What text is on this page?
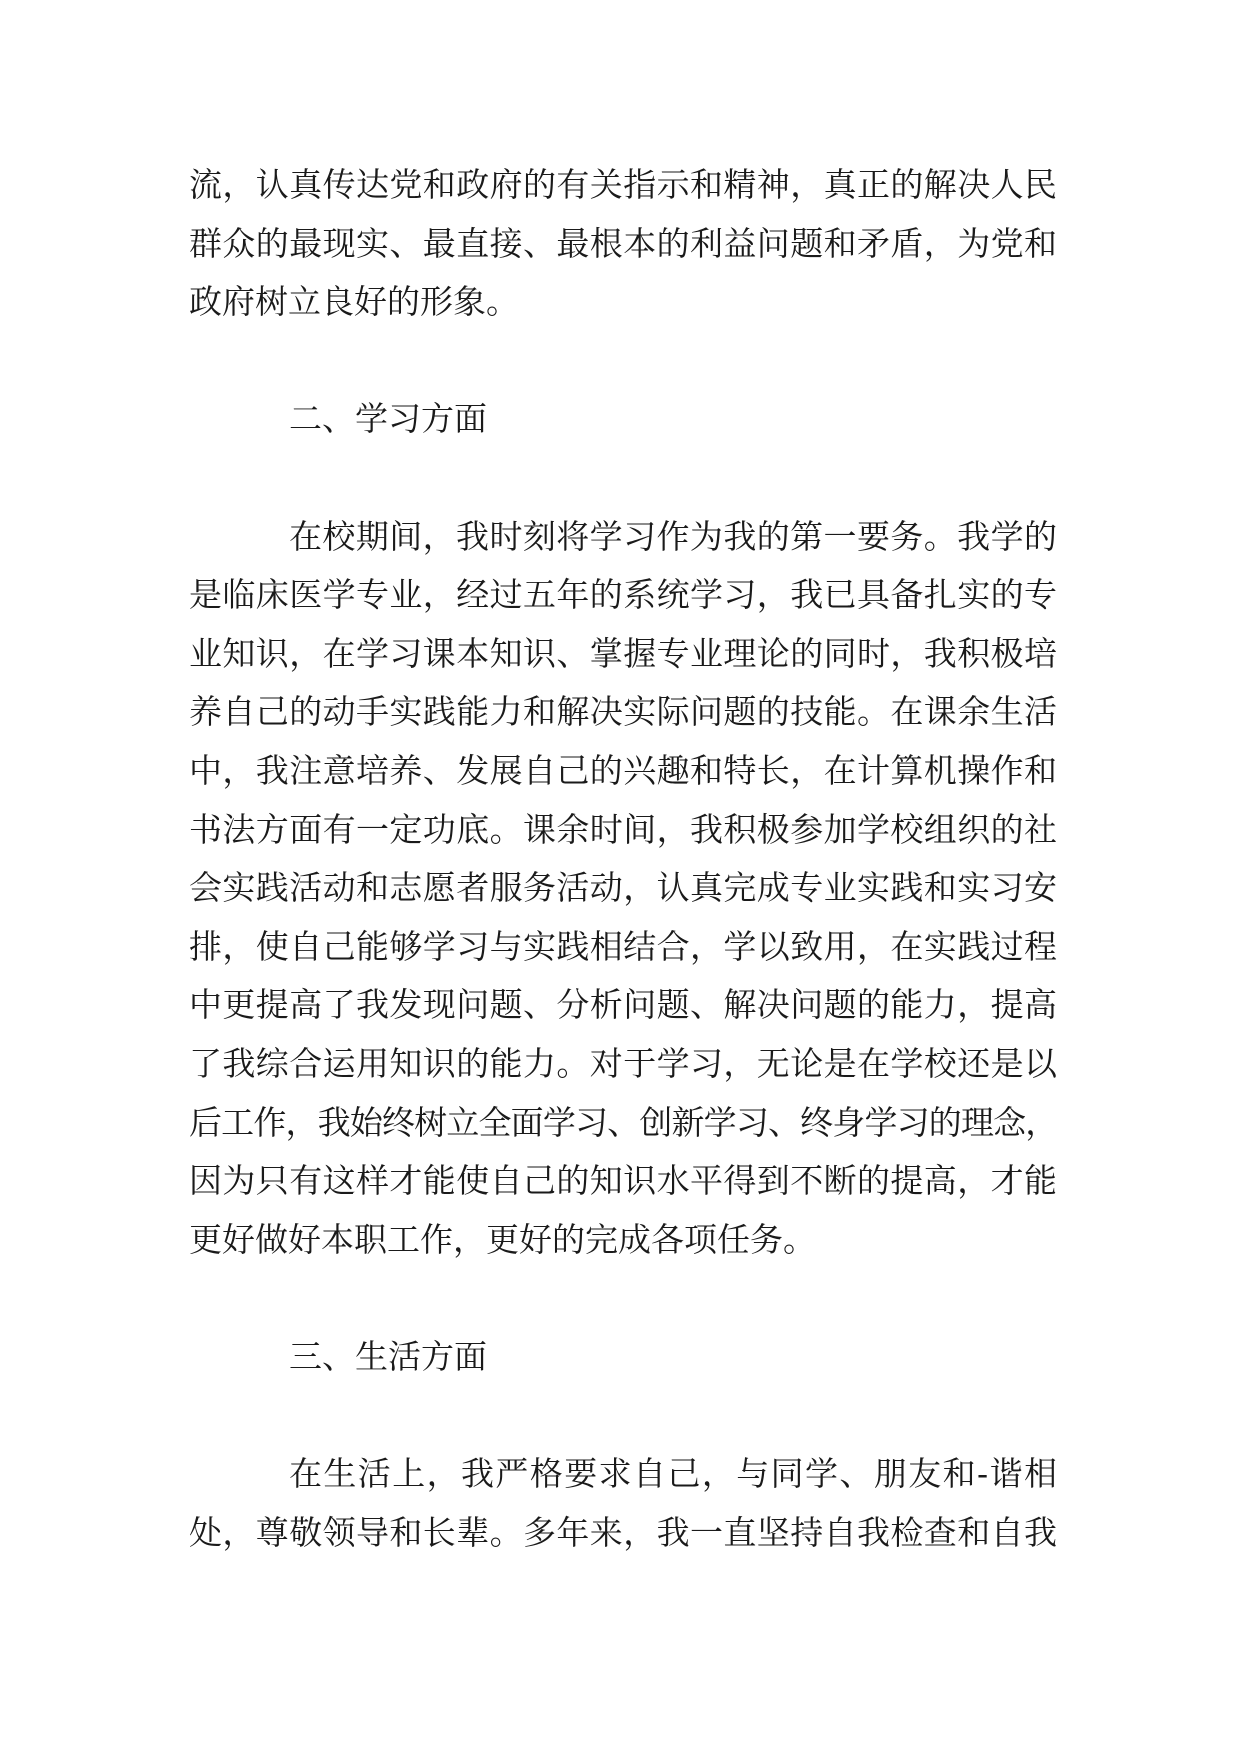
流，认真传达党和政府的有关指示和精神，真正的解决人民
群众的最现实、最直接、最根本的利益问题和矛盾，为党和
政府树立良好的形象。
二、学习方面
在校期间，我时刻将学习作为我的第一要务。我学的
是临床医学专业，经过五年的系统学习，我已具备扎实的专
业知识，在学习课本知识、掌握专业理论的同时，我积极培
养自己的动手实践能力和解决实际问题的技能。在课余生活
中，我注意培养、发展自己的兴趣和特长，在计算机操作和
书法方面有一定功底。课余时间，我积极参加学校组织的社
会实践活动和志愿者服务活动，认真完成专业实践和实习安
排，使自己能够学习与实践相结合，学以致用，在实践过程
中更提高了我发现问题、分析问题、解决问题的能力，提高
了我综合运用知识的能力。对于学习，无论是在学校还是以
后工作，我始终树立全面学习、创新学习、终身学习的理念，
因为只有这样才能使自己的知识水平得到不断的提高，才能
更好做好本职工作，更好的完成各项任务。
三、生活方面
在生活上，我严格要求自己，与同学、朋友和-谐相
处，尊敬领导和长辈。多年来，我一直坚持自我检查和自我
